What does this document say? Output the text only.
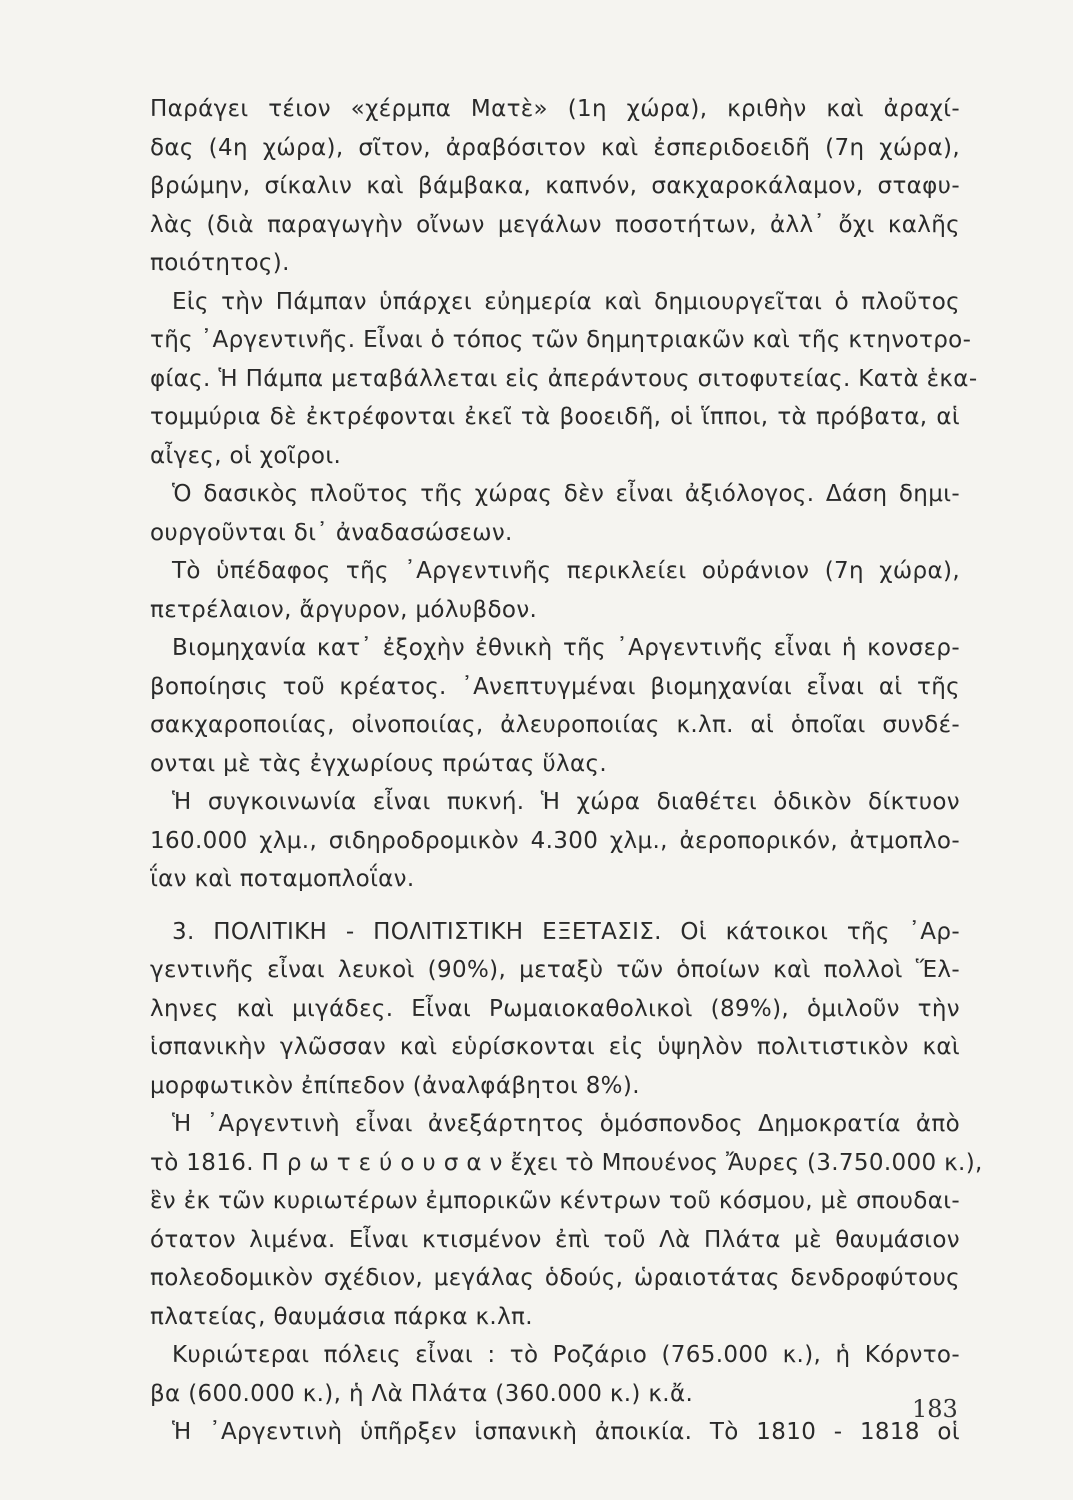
Παράγει τέιον «χέρμπα Ματὲ» (1η χώρα), κριθὴν καὶ ἀραχί-
δας (4η χώρα), σῖτον, ἀραβόσιτον καὶ ἐσπεριδοειδῆ (7η χώρα),
βρώμην, σίκαλιν καὶ βάμβακα, καπνόν, σακχαροκάλαμον, σταφυ-
λὰς (διὰ παραγωγὴν οἴνων μεγάλων ποσοτήτων, ἀλλ᾽ ὄχι καλῆς
ποιότητος).
Εἰς τὴν Πάμπαν ὑπάρχει εὐημερία καὶ δημιουργεῖται ὁ πλοῦτος
τῆς ᾿Αργεντινῆς. Εἶναι ὁ τόπος τῶν δημητριακῶν καὶ τῆς κτηνοτρο-
φίας. Ἡ Πάμπα μεταβάλλεται εἰς ἀπεράντους σιτοφυτείας. Κατὰ ἑκα-
τομμύρια δὲ ἐκτρέφονται ἐκεῖ τὰ βοοειδῆ, οἱ ἵπποι, τὰ πρόβατα, αἱ
αἶγες, οἱ χοῖροι.
Ὁ δασικὸς πλοῦτος τῆς χώρας δὲν εἶναι ἀξιόλογος. Δάση δημι-
ουργοῦνται δι᾽ ἀναδασώσεων.
Τὸ ὑπέδαφος τῆς ᾿Αργεντινῆς περικλείει οὐράνιον (7η χώρα),
πετρέλαιον, ἄργυρον, μόλυβδον.
Βιομηχανία κατ᾽ ἐξοχὴν ἐθνικὴ τῆς ᾿Αργεντινῆς εἶναι ἡ κονσερ-
βοποίησις τοῦ κρέατος. ᾿Ανεπτυγμέναι βιομηχανίαι εἶναι αἱ τῆς
σακχαροποιίας, οἰνοποιίας, ἀλευροποιίας κ.λπ. αἱ ὁποῖαι συνδέ-
ονται μὲ τὰς ἐγχωρίους πρώτας ὕλας.
Ἡ συγκοινωνία εἶναι πυκνή. Ἡ χώρα διαθέτει ὁδικὸν δίκτυον
160.000 χλμ., σιδηροδρομικὸν 4.300 χλμ., ἀεροπορικόν, ἀτμοπλο-
ΐαν καὶ ποταμοπλοΐαν.
3. ΠΟΛΙΤΙΚΗ - ΠΟΛΙΤΙΣΤΙΚΗ ΕΞΕΤΑΣΙΣ. Οἱ κάτοικοι τῆς ᾿Αρ-
γεντινῆς εἶναι λευκοὶ (90%), μεταξὺ τῶν ὁποίων καὶ πολλοὶ Ἕλ-
ληνες καὶ μιγάδες. Εἶναι Ρωμαιοκαθολικοὶ (89%), ὁμιλοῦν τὴν
ἱσπανικὴν γλῶσσαν καὶ εὑρίσκονται εἰς ὑψηλὸν πολιτιστικὸν καὶ
μορφωτικὸν ἐπίπεδον (ἀναλφάβητοι 8%).
Ἡ ᾿Αργεντινὴ εἶναι ἀνεξάρτητος ὁμόσπονδος Δημοκρατία ἀπὸ
τὸ 1816. Π ρ ω τ ε ύ ο υ σ α ν ἔχει τὸ Μπουένος Ἄυρες (3.750.000 κ.),
ἓν ἐκ τῶν κυριωτέρων ἐμπορικῶν κέντρων τοῦ κόσμου, μὲ σπουδαι-
ότατον λιμένα. Εἶναι κτισμένον ἐπὶ τοῦ Λὰ Πλάτα μὲ θαυμάσιον
πολεοδομικὸν σχέδιον, μεγάλας ὁδούς, ὡραιοτάτας δενδροφύτους
πλατείας, θαυμάσια πάρκα κ.λπ.
Κυριώτεραι πόλεις εἶναι : τὸ Ροζάριο (765.000 κ.), ἡ Κόρντο-
βα (600.000 κ.), ἡ Λὰ Πλάτα (360.000 κ.) κ.ἄ.
Ἡ ᾿Αργεντινὴ ὑπῆρξεν ἱσπανικὴ ἀποικία. Τὸ 1810 - 1818 οἱ
183
